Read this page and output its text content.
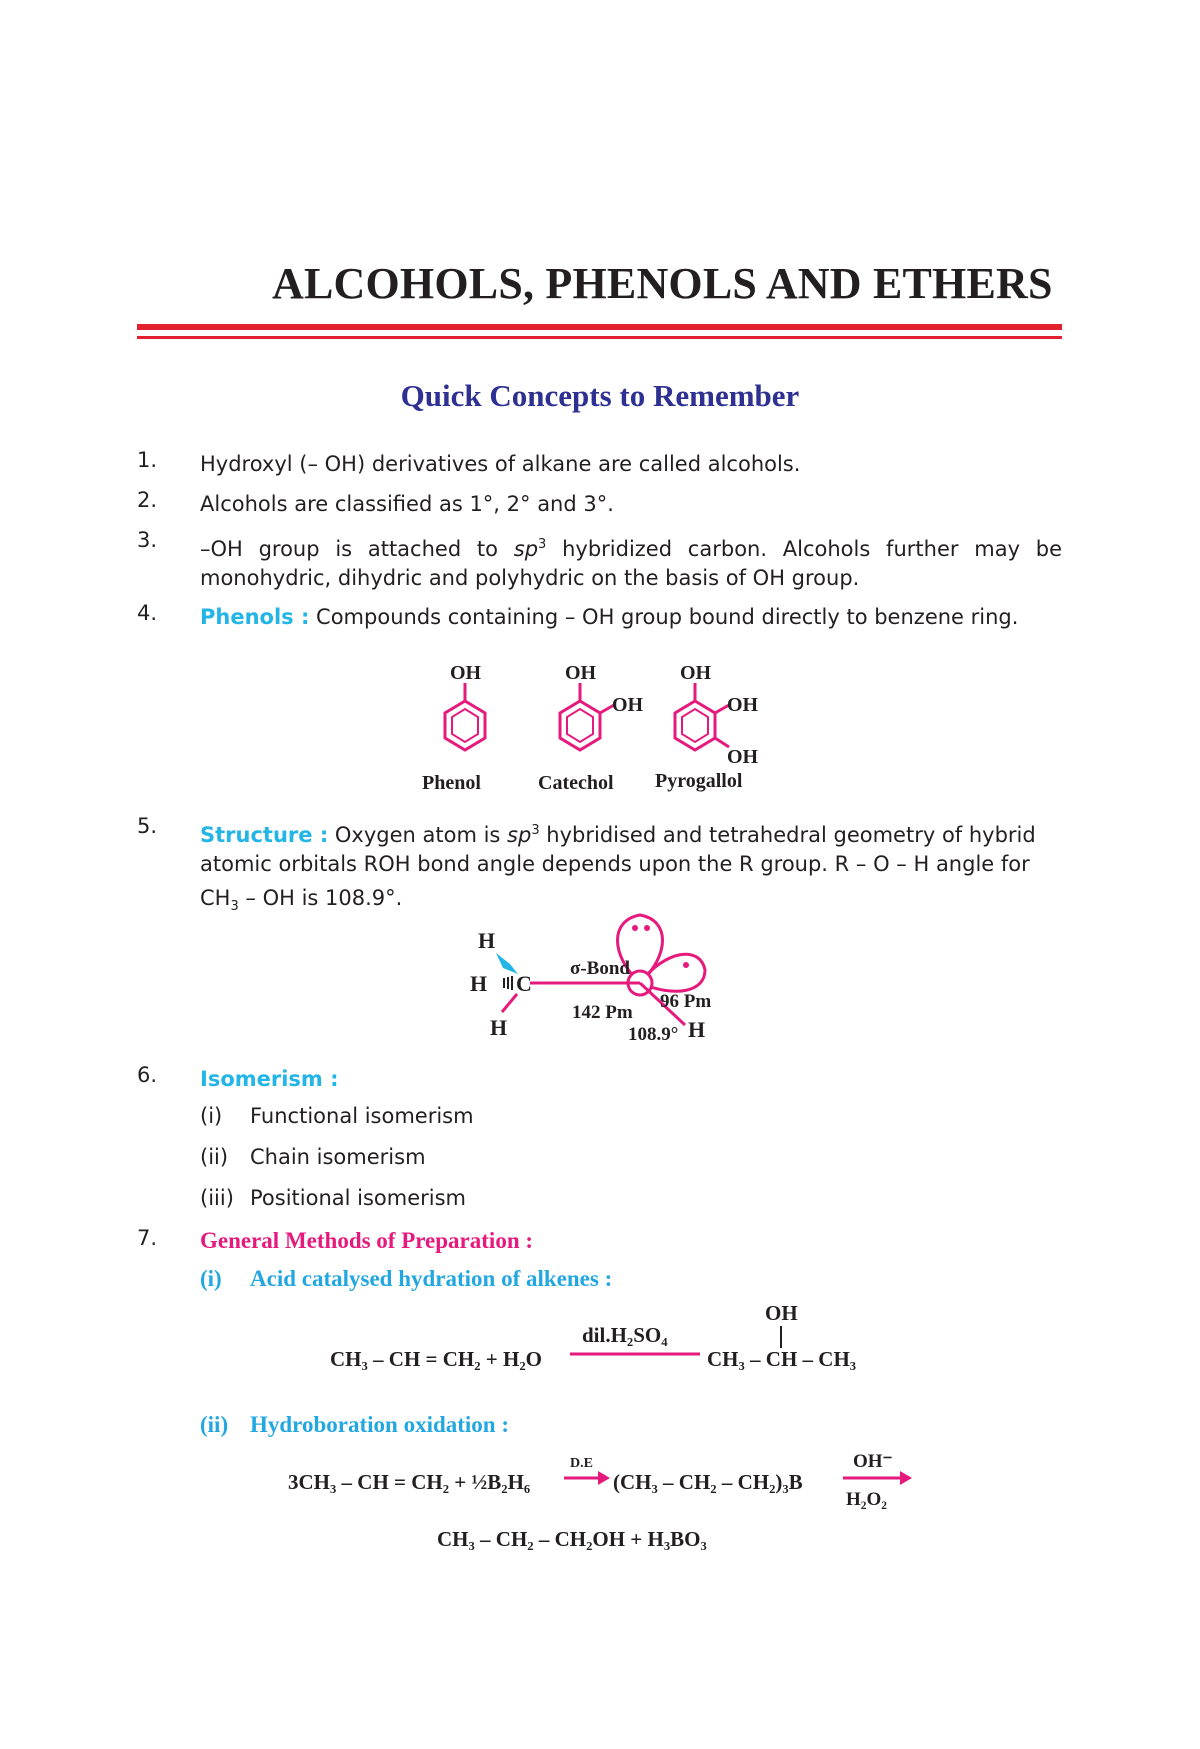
ALCOHOLS, PHENOLS AND ETHERS
Quick Concepts to Remember
1. Hydroxyl (– OH) derivatives of alkane are called alcohols.
2. Alcohols are classified as 1°, 2° and 3°.
3. –OH group is attached to $sp^3$ hybridized carbon. Alcohols further may be
monohydric, dihydric and polyhydric on the basis of OH group.
4. Phenols : Compounds containing – OH group bound directly to benzene ring.
OH
Phenol
OH
OH
Catechol
OH
OH
OH
Pyrogallol
5. Structure : Oxygen atom is $sp^3$ hybridised and tetrahedral geometry of hybrid
atomic orbitals ROH bond angle depends upon the R group. R – O – H angle for
$CH_3$ – OH is 108.9°.
H
H C
H
σ-Bond
96 Pm
142 Pm
H
108.9°
6. Isomerism :
(i) Functional isomerism
(ii) Chain isomerism
(iii) Positional isomerism
7. General Methods of Preparation :
(i) Acid catalysed hydration of alkenes :
CH₃ – CH = CH₂ + H₂O
dil.H₂SO₄
CH₃ – CH – CH₃
OH
(ii) Hydroboration oxidation :
3CH₃ – CH = CH₂ + ½B₂H₆
D.E
(CH₃ – CH₂ – CH₂)₃B
OH⁻
H₂O₂
CH₃ – CH₂ – CH₂OH + H₃BO₃
